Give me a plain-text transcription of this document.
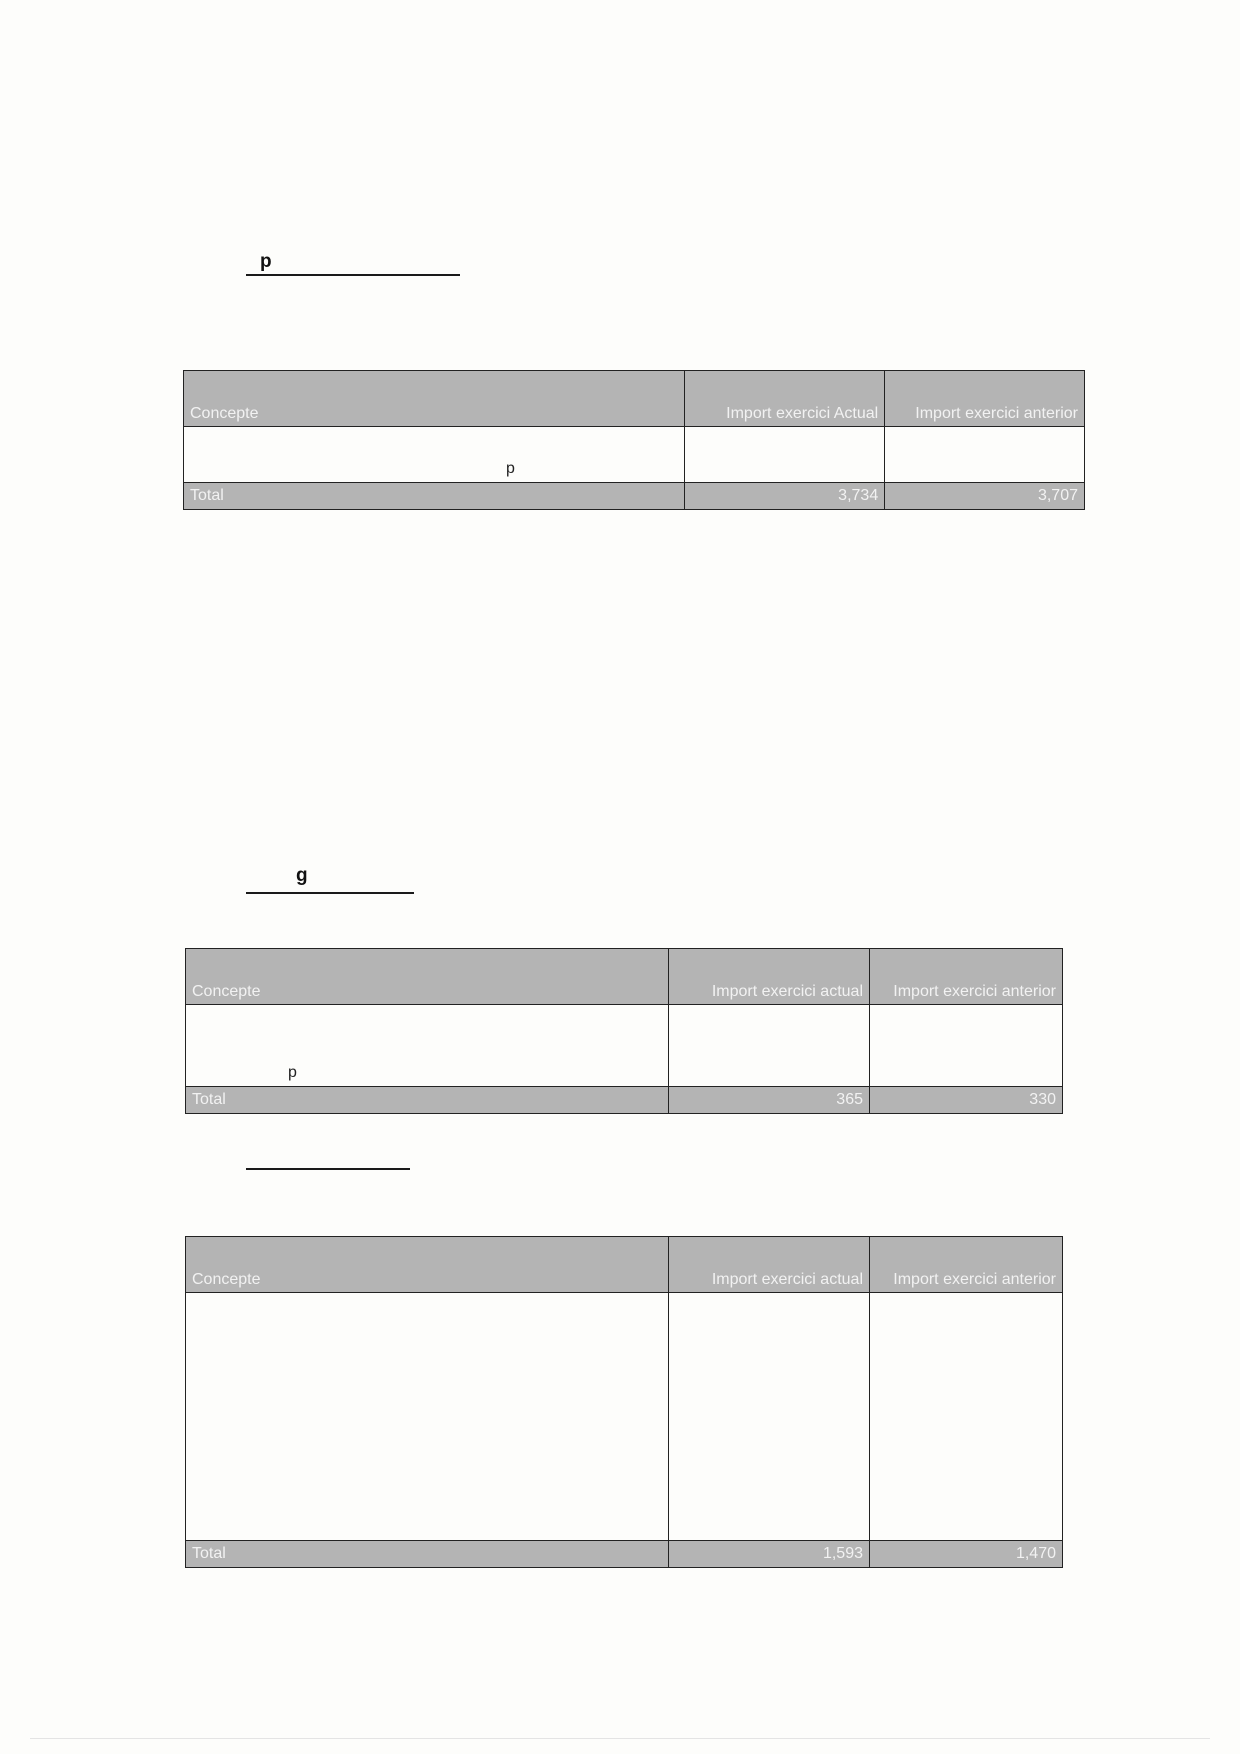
p
Concepte	Import exercici Actual	Import exercici anterior
p		
Total	3,734	3,707
g
Concepte	Import exercici actual	Import exercici anterior
p		
Total	365	330
Concepte	Import exercici actual	Import exercici anterior

Total	1,593	1,470
